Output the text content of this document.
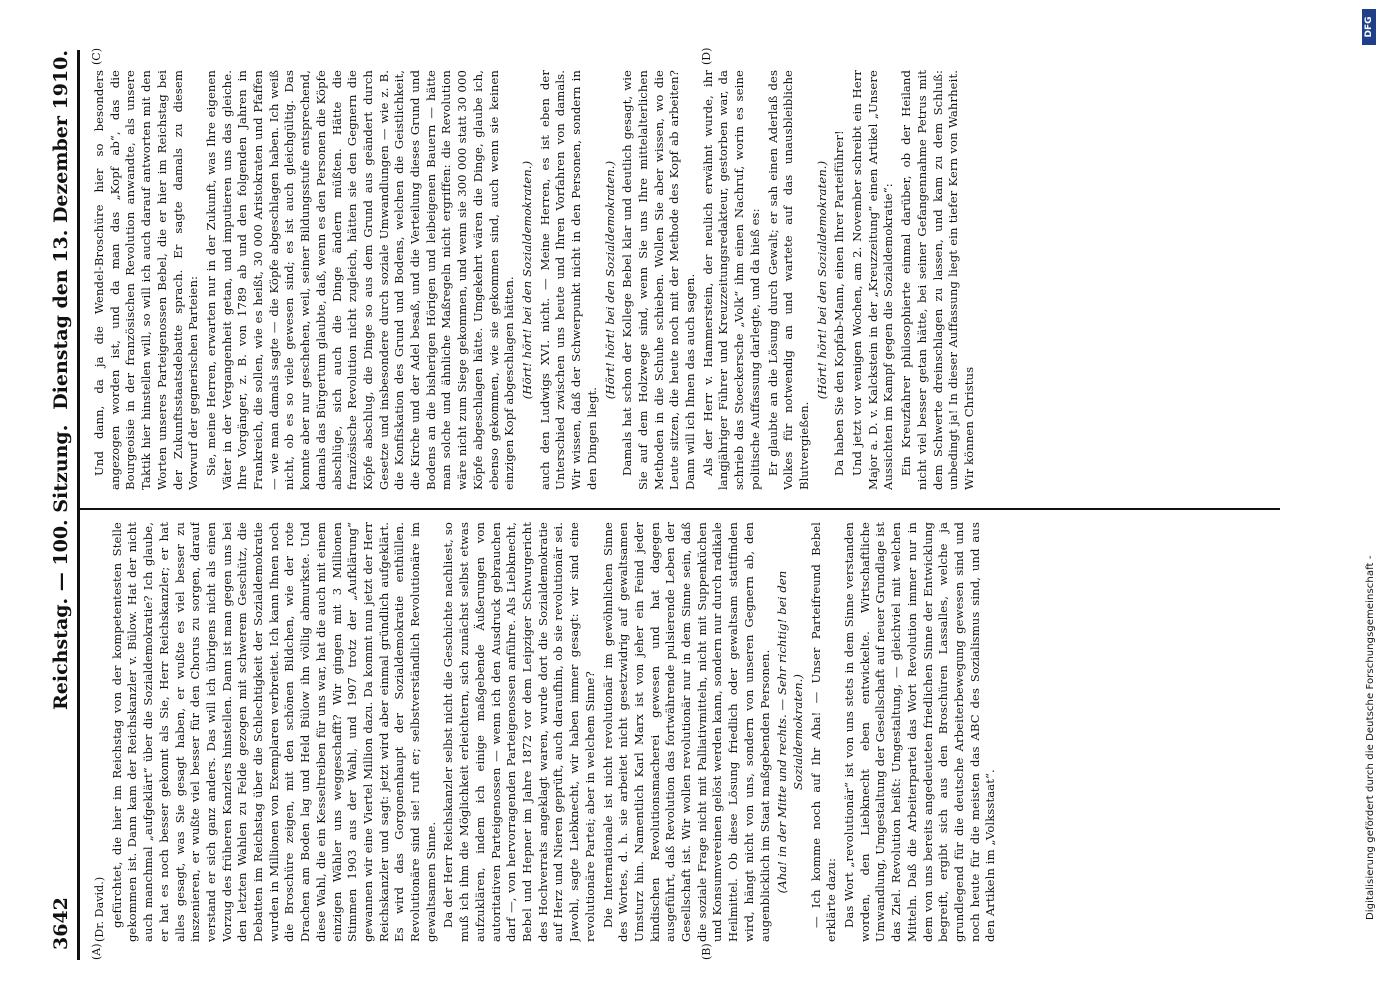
3642
Reichstag. — 100. Sitzung.
Dienstag den 13. Dezember 1910.
(A)	(B)
(C)	(D)

(Dr. David.) gefürchtet, die hier im Reichstag von der kompetentesten Stelle gekommen ist. Dann kam der Reichskanzler v. Bülow. Hat der nicht auch manchmal „aufgeklärt“ über die Sozialdemokratie? Ich glaube, er hat es noch besser gekonnt als Sie, Herr Reichskanzler; er hat alles gesagt, was Sie gesagt haben, er wußte es viel besser zu inszenieren, er wußte viel besser für den Chorus zu sorgen, darauf verstand er sich ganz anders. Das will ich übrigens nicht als einen Vorzug des früheren Kanzlers hinstellen. Dann ist man gegen uns bei den letzten Wahlen zu Felde gezogen mit schwerem Geschütz, die Debatten im Reichstag über die Schlechtigkeit der Sozialdemokratie wurden in Millionen von Exemplaren verbreitet. Ich kann Ihnen noch die Broschüre zeigen, mit den schönen Bildchen, wie der rote Drachen am Boden lag und Held Bülow ihn völlig abmurkste. Und diese Wahl, die ein Kesseltreiben für uns war, hat die auch mit einem einzigen Wähler uns weggeschafft? Wir gingen mit 3 Millionen Stimmen 1903 aus der Wahl, und 1907 trotz der „Aufklärung“ gewannen wir eine Viertel Million dazu. Da kommt nun jetzt der Herr Reichskanzler und sagt: jetzt wird aber einmal gründlich aufgeklärt. Es wird das Gorgonenhaupt der Sozialdemokratie enthüllen. Revolutionäre sind sie! ruft er; selbstverständlich Revolutionäre im gewaltsamen Sinne. Da der Herr Reichskanzler selbst nicht die Geschichte nachliest, so muß ich ihm die Möglichkeit erleichtern, sich zunächst selbst etwas aufzuklären, indem ich einige maßgebende Äußerungen von autoritativen Parteigenossen — wenn ich den Ausdruck gebrauchen darf —, von hervorragenden Parteigenossen anführe. Als Liebknecht, Bebel und Hepner im Jahre 1872 vor dem Leipziger Schwurgericht des Hochverrats angeklagt waren, wurde dort die Sozialdemokratie auf Herz und Nieren geprüft, auch daraufhin, ob sie revolutionär sei. Jawohl, sagte Liebknecht, wir haben immer gesagt: wir sind eine revolutionäre Partei; aber in welchem Sinne? Die Internationale ist nicht revolutionär im gewöhnlichen Sinne des Wortes, d. h. sie arbeitet nicht gesetzwidrig auf gewaltsamen Umsturz hin. Namentlich Karl Marx ist von jeher ein Feind jeder kindischen Revolutionsmacherei gewesen und hat dagegen ausgeführt, daß Revolution das fortwährende pulsierende Leben der Gesellschaft ist. Wir wollen revolutionär nur in dem Sinne sein, daß die soziale Frage nicht mit Palliativmitteln, nicht mit Suppenküchen und Konsumvereinen gelöst werden kann, sondern nur durch radikale Heilmittel. Ob diese Lösung friedlich oder gewaltsam stattfinden wird, hängt nicht von uns, sondern von unseren Gegnern ab, den augenblicklich im Staat maßgebenden Personen. (Aha! in der Mitte und rechts. — Sehr richtig! bei den Sozialdemokraten.) — Ich komme noch auf Ihr Aha! — Unser Parteifreund Bebel erklärte dazu: Das Wort „revolutionär“ ist von uns stets in dem Sinne verstanden worden, den Liebknecht eben entwickelte. Wirtschaftliche Umwandlung, Umgestaltung der Gesellschaft auf neuer Grundlage ist das Ziel. Revolution heißt: Umgestaltung, — gleichviel mit welchen Mitteln. Daß die Arbeiterpartei das Wort Revolution immer nur in dem von uns bereits angedeuteten friedlichen Sinne der Entwicklung begreift, ergibt sich aus den Broschüren Lassalles, welche ja grundlegend für die deutsche Arbeiterbewegung gewesen sind und noch heute für die meisten das ABC des Sozialismus sind, und aus den Artikeln im „Volksstaat“.

Und dann, da ja die Wendel-Broschüre hier so besonders angezogen worden ist, und da man das „Kopf ab“, das die Bourgeoisie in der französischen Revolution anwandte, als unsere Taktik hier hinstellen will, so will ich auch darauf antworten mit den Worten unseres Parteigenossen Bebel, die er hier im Reichstag bei der Zukunftsstaatsdebatte sprach. Er sagte damals zu diesem Vorwurf der gegnerischen Parteien: Sie, meine Herren, erwarten nur in der Zukunft, was Ihre eigenen Väter in der Vergangenheit getan, und imputieren uns das gleiche. Ihre Vorgänger, z. B. von 1789 ab und den folgenden Jahren in Frankreich, die sollen, wie es heißt, 30 000 Aristokraten und Pfaffen — wie man damals sagte — die Köpfe abgeschlagen haben. Ich weiß nicht, ob es so viele gewesen sind; es ist auch gleichgültig. Das konnte aber nur geschehen, weil, seiner Bildungsstufe entsprechend, damals das Bürgertum glaubte, daß, wenn es den Personen die Köpfe abschlüge, sich auch die Dinge ändern müßten. Hätte die französische Revolution nicht zugleich, hätten sie den Gegnern die Köpfe abschlug, die Dinge so aus dem Grund aus geändert durch Gesetze und insbesondere durch soziale Umwandlungen — wie z. B. die Konfiskation des Grund und Bodens, welchen die Geistlichkeit, die Kirche und der Adel besaß, und die Verteilung dieses Grund und Bodens an die bisherigen Hörigen und leibeigenen Bauern — hätte man solche und ähnliche Maßregeln nicht ergriffen: die Revolution wäre nicht zum Siege gekommen, und wenn sie 300 000 statt 30 000 Köpfe abgeschlagen hätte. Umgekehrt wären die Dinge, glaube ich, ebenso gekommen, wie sie gekommen sind, auch wenn sie keinen einzigen Kopf abgeschlagen hätten. (Hört! hört! bei den Sozialdemokraten.) auch den Ludwigs XVI. nicht. — Meine Herren, es ist eben der Unterschied zwischen uns heute und Ihren Vorfahren von damals. Wir wissen, daß der Schwerpunkt nicht in den Personen, sondern in den Dingen liegt.

(Hört! hört! bei den Sozialdemokraten.) Damals hat schon der Kollege Bebel klar und deutlich gesagt, wie Sie auf dem Holzwege sind, wenn Sie uns Ihre mittelalterlichen Methoden in die Schuhe schieben. Wollen Sie aber wissen, wo die Leute sitzen, die heute noch mit der Methode des Kopf ab arbeiten? Dann will ich Ihnen das auch sagen. Als der Herr v. Hammerstein, der neulich erwähnt wurde, ihr langjähriger Führer und Kreuzzeitungsredakteur, gestorben war, da schrieb das Stoeckersche „Volk“ ihm einen Nachruf, worin es seine politische Auffassung darlegte, und da hieß es: Er glaubte an die Lösung durch Gewalt; er sah einen Aderlaß des Volkes für notwendig an und wartete auf das unausbleibliche Blutvergießen.

(Hört! hört! bei den Sozialdemokraten.) Da haben Sie den Kopfab-Mann, einen Ihrer Parteiführer! Und jetzt vor wenigen Wochen, am 2. November schreibt ein Herr Major a. D. v. Kalckstein in der „Kreuzzeitung“ einen Artikel „Unsere Aussichten im Kampf gegen die Sozialdemokratie“: Ein Kreuzfahrer philosophierte einmal darüber, ob der Heiland nicht viel besser getan hätte, bei seiner Gefangennahme Petrus mit dem Schwerte dreinschlagen zu lassen, und kam zu dem Schluß: unbedingt ja! In dieser Auffassung liegt ein tiefer Kern von Wahrheit. Wir können Christus

Digitalisierung gefördert durch die Deutsche Forschungsgemeinschaft -
DFG
